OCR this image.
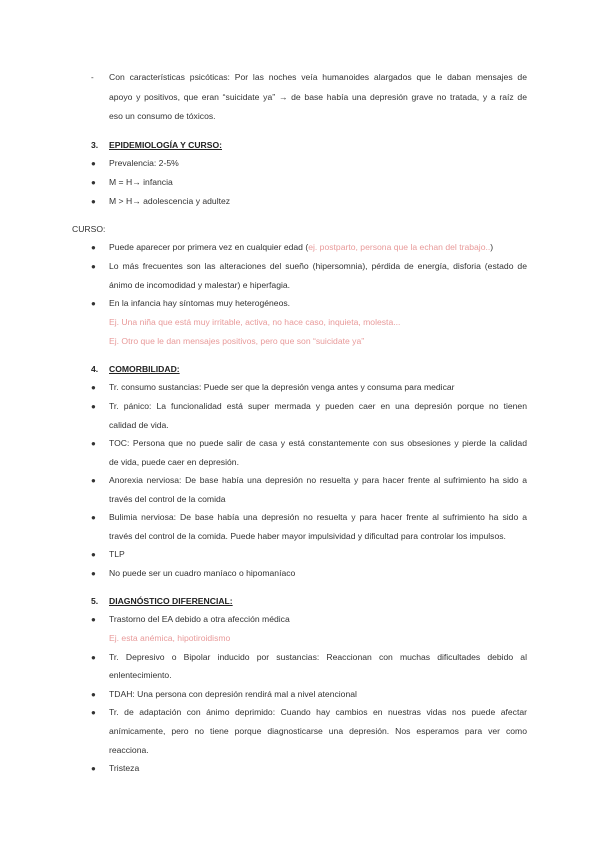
- Con características psicóticas: Por las noches veía humanoides alargados que le daban mensajes de
apoyo y positivos, que eran “suicidate ya” → de base había una depresión grave no tratada, y a raíz de
eso un consumo de tóxicos.
3. EPIDEMIOLOGÍA Y CURSO:
● Prevalencia: 2-5%
● M = H→ infancia
● M > H→ adolescencia y adultez
CURSO:
● Puede aparecer por primera vez en cualquier edad (ej. postparto, persona que la echan del trabajo..)
● Lo más frecuentes son las alteraciones del sueño (hipersomnia), pérdida de energía, disforia (estado de
ánimo de incomodidad y malestar) e hiperfagia.
● En la infancia hay síntomas muy heterogéneos.
Ej. Una niña que está muy irritable, activa, no hace caso, inquieta, molesta...
Ej. Otro que le dan mensajes positivos, pero que son “suicidate ya”
4. COMORBILIDAD:
● Tr. consumo sustancias: Puede ser que la depresión venga antes y consuma para medicar
● Tr. pánico: La funcionalidad está super mermada y pueden caer en una depresión porque no tienen
calidad de vida.
● TOC: Persona que no puede salir de casa y está constantemente con sus obsesiones y pierde la calidad
de vida, puede caer en depresión.
● Anorexia nerviosa: De base había una depresión no resuelta y para hacer frente al sufrimiento ha sido a
través del control de la comida
● Bulimia nerviosa: De base había una depresión no resuelta y para hacer frente al sufrimiento ha sido a
través del control de la comida. Puede haber mayor impulsividad y dificultad para controlar los impulsos.
● TLP
● No puede ser un cuadro maníaco o hipomaníaco
5. DIAGNÓSTICO DIFERENCIAL:
● Trastorno del EA debido a otra afección médica
Ej. esta anémica, hipotiroidismo
● Tr. Depresivo o Bipolar inducido por sustancias: Reaccionan con muchas dificultades debido al
enlentecimiento.
● TDAH: Una persona con depresión rendirá mal a nivel atencional
● Tr. de adaptación con ánimo deprimido: Cuando hay cambios en nuestras vidas nos puede afectar
anímicamente, pero no tiene porque diagnosticarse una depresión. Nos esperamos para ver como
reacciona.
● Tristeza
